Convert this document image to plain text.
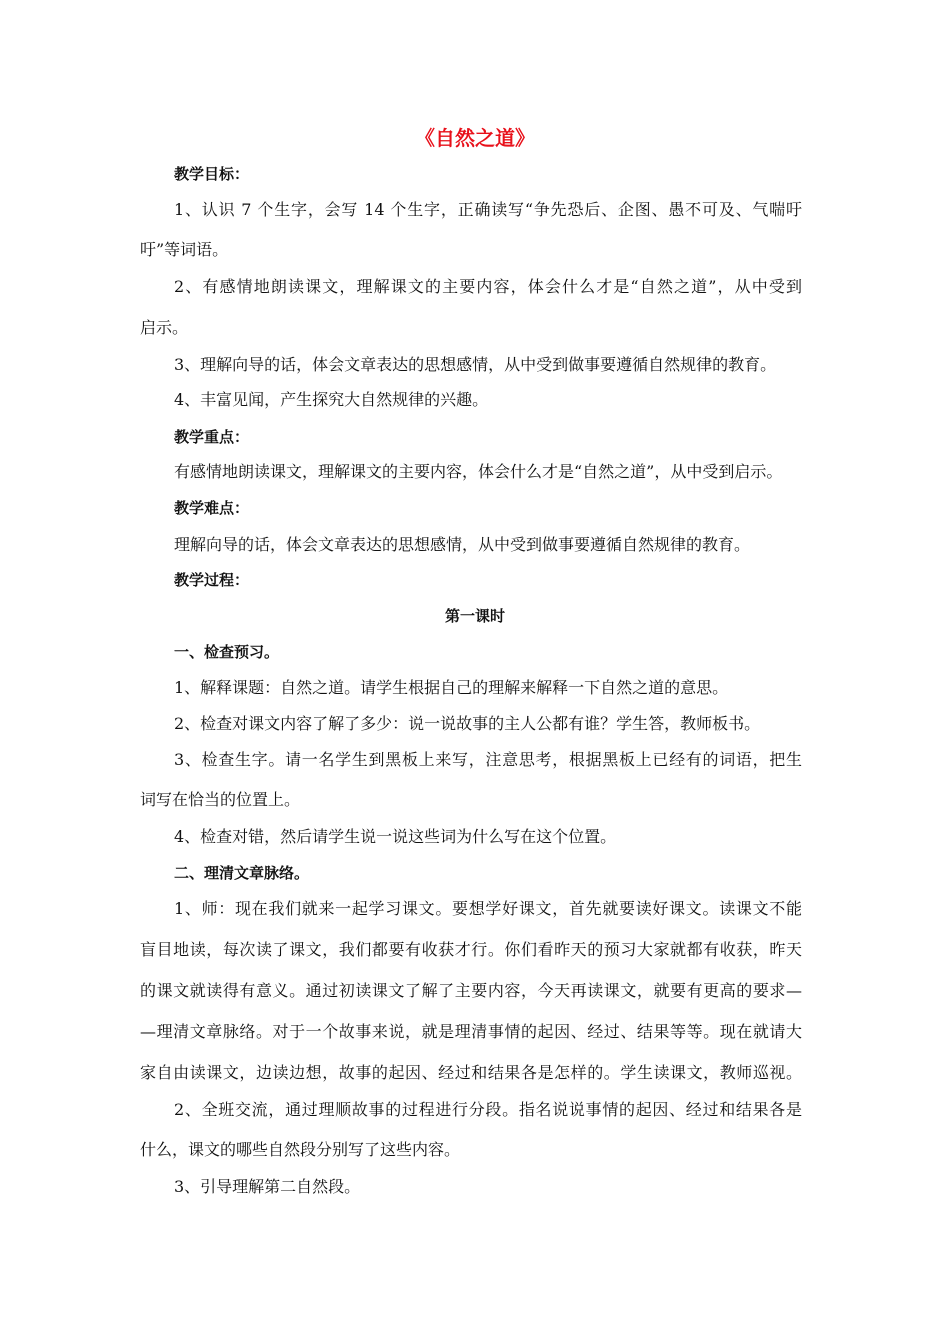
《自然之道》
教学目标：
1、认识 7 个生字，会写 14 个生字，正确读写“争先恐后、企图、愚不可及、气喘吁
吁”等词语。
2、有感情地朗读课文，理解课文的主要内容，体会什么才是“自然之道”，从中受到
启示。
3、理解向导的话，体会文章表达的思想感情，从中受到做事要遵循自然规律的教育。
4、丰富见闻，产生探究大自然规律的兴趣。
教学重点：
有感情地朗读课文，理解课文的主要内容，体会什么才是“自然之道”，从中受到启示。
教学难点：
理解向导的话，体会文章表达的思想感情，从中受到做事要遵循自然规律的教育。
教学过程：
第一课时
一、检查预习。
1、解释课题：自然之道。请学生根据自己的理解来解释一下自然之道的意思。
2、检查对课文内容了解了多少：说一说故事的主人公都有谁？学生答，教师板书。
3、检查生字。请一名学生到黑板上来写，注意思考，根据黑板上已经有的词语，把生
词写在恰当的位置上。
4、检查对错，然后请学生说一说这些词为什么写在这个位置。
二、理清文章脉络。
1、师：现在我们就来一起学习课文。要想学好课文，首先就要读好课文。读课文不能
盲目地读，每次读了课文，我们都要有收获才行。你们看昨天的预习大家就都有收获，昨天
的课文就读得有意义。通过初读课文了解了主要内容，今天再读课文，就要有更高的要求—
—理清文章脉络。对于一个故事来说，就是理清事情的起因、经过、结果等等。现在就请大
家自由读课文，边读边想，故事的起因、经过和结果各是怎样的。学生读课文，教师巡视。
2、全班交流，通过理顺故事的过程进行分段。指名说说事情的起因、经过和结果各是
什么，课文的哪些自然段分别写了这些内容。
3、引导理解第二自然段。
